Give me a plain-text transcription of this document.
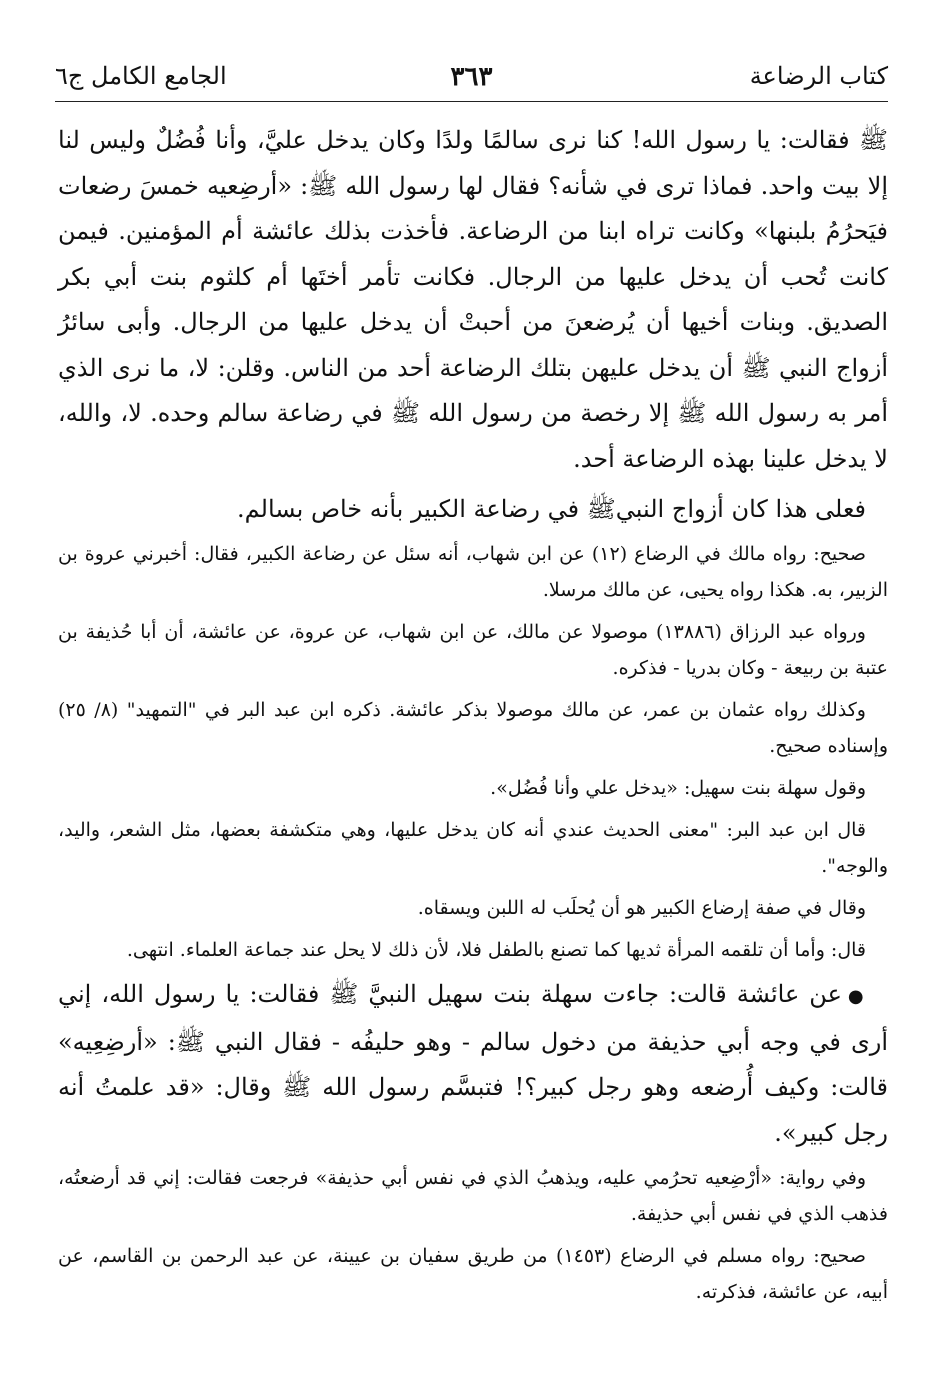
كتاب الرضاعة
٣٦٣
الجامع الكامل ج٦

ﷺ فقالت: يا رسول الله! كنا نرى سالمًا ولدًا وكان يدخل عليَّ، وأنا فُضُلٌ وليس لنا إلا بيت واحد. فماذا ترى في شأنه؟ فقال لها رسول الله ﷺ: «أرضِعيه خمسَ رضعات فيَحرُمُ بلبنها» وكانت تراه ابنا من الرضاعة. فأخذت بذلك عائشة أم المؤمنين. فيمن كانت تُحب أن يدخل عليها من الرجال. فكانت تأمر أختَها أم كلثوم بنت أبي بكر الصديق. وبنات أخيها أن يُرضعنَ من أحبتْ أن يدخل عليها من الرجال. وأبى سائرُ أزواج النبي ﷺ أن يدخل عليهن بتلك الرضاعة أحد من الناس. وقلن: لا، ما نرى الذي أمر به رسول الله ﷺ إلا رخصة من رسول الله ﷺ في رضاعة سالم وحده. لا، والله، لا يدخل علينا بهذه الرضاعة أحد.

فعلى هذا كان أزواج النبيﷺ في رضاعة الكبير بأنه خاص بسالم.

صحيح: رواه مالك في الرضاع (١٢) عن ابن شهاب، أنه سئل عن رضاعة الكبير، فقال: أخبرني عروة بن الزبير، به. هكذا رواه يحيى، عن مالك مرسلا.

ورواه عبد الرزاق (١٣٨٨٦) موصولا عن مالك، عن ابن شهاب، عن عروة، عن عائشة، أن أبا حُذيفة بن عتبة بن ربيعة - وكان بدريا - فذكره.

وكذلك رواه عثمان بن عمر، عن مالك موصولا بذكر عائشة. ذكره ابن عبد البر في "التمهيد" (٨/ ٢٥) وإسناده صحيح.

وقول سهلة بنت سهيل: «يدخل علي وأنا فُضُل».

قال ابن عبد البر: "معنى الحديث عندي أنه كان يدخل عليها، وهي متكشفة بعضها، مثل الشعر، واليد، والوجه".

وقال في صفة إرضاع الكبير هو أن يُحلَب له اللبن ويسقاه.

قال: وأما أن تلقمه المرأة ثديها كما تصنع بالطفل فلا، لأن ذلك لا يحل عند جماعة العلماء. انتهى.

●عن عائشة قالت: جاءت سهلة بنت سهيل النبيَّ ﷺ فقالت: يا رسول الله، إني أرى في وجه أبي حذيفة من دخول سالم - وهو حليفُه - فقال النبي ﷺ: «أرضِعِيه» قالت: وكيف أُرضعه وهو رجل كبير؟! فتبسَّم رسول الله ﷺ وقال: «قد علمتُ أنه رجل كبير».

وفي رواية: «أرْضِعيه تحرُمي عليه، ويذهبُ الذي في نفس أبي حذيفة» فرجعت فقالت: إني قد أرضعتُه، فذهب الذي في نفس أبي حذيفة.

صحيح: رواه مسلم في الرضاع (١٤٥٣) من طريق سفيان بن عيينة، عن عبد الرحمن بن القاسم، عن أبيه، عن عائشة، فذكرته.
